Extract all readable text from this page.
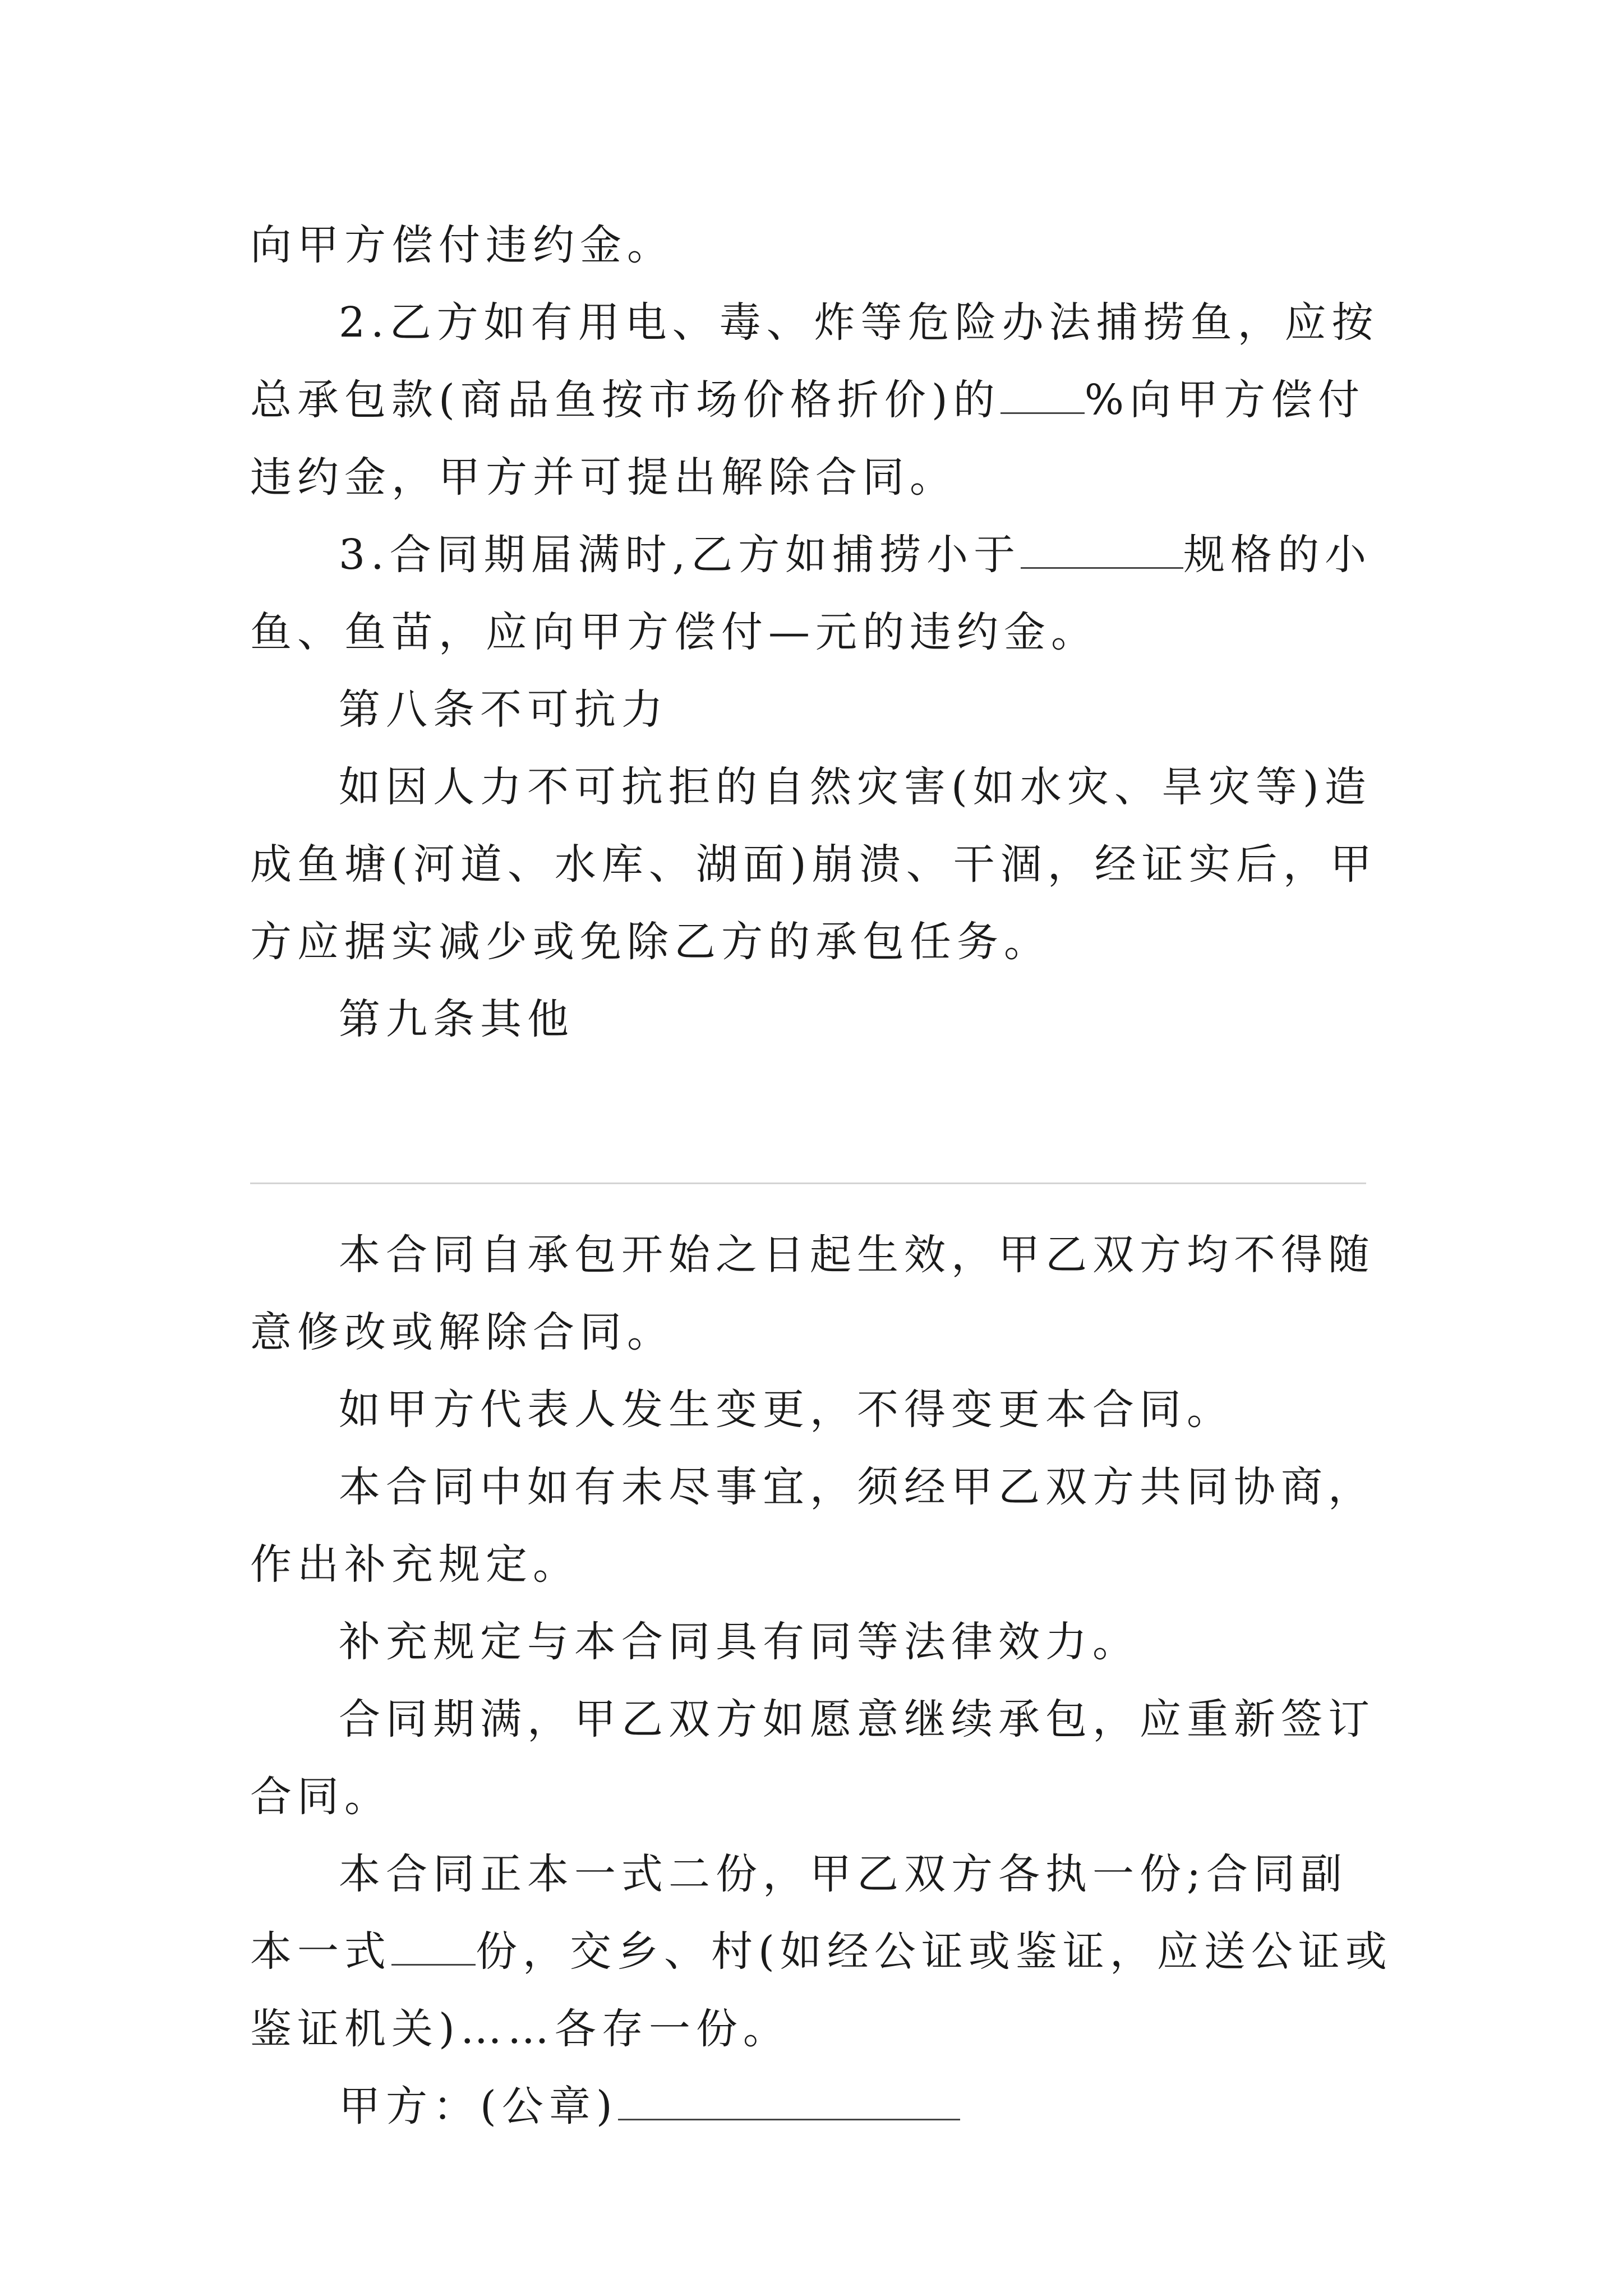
向甲方偿付违约金。

2.乙方如有用电、毒、炸等危险办法捕捞鱼，应按总承包款(商品鱼按市场价格折价)的 %向甲方偿付违约金，甲方并可提出解除合同。

3.合同期届满时,乙方如捕捞小于	规格的小鱼、鱼苗，应向甲方偿付—元的违约金。

第八条不可抗力

如因人力不可抗拒的自然灾害(如水灾、旱灾等)造成鱼塘(河道、水库、湖面)崩溃、干涸，经证实后，甲方应据实减少或免除乙方的承包任务。

第九条其他

本合同自承包开始之日起生效，甲乙双方均不得随意修改或解除合同。

如甲方代表人发生变更，不得变更本合同。

本合同中如有未尽事宜，须经甲乙双方共同协商，作出补充规定。

补充规定与本合同具有同等法律效力。

合同期满，甲乙双方如愿意继续承包，应重新签订合同。

本合同正本一式二份，甲乙双方各执一份;合同副本一式 份，交乡、村(如经公证或鉴证，应送公证或鉴证机关)……各存一份。

甲方：(公章)
